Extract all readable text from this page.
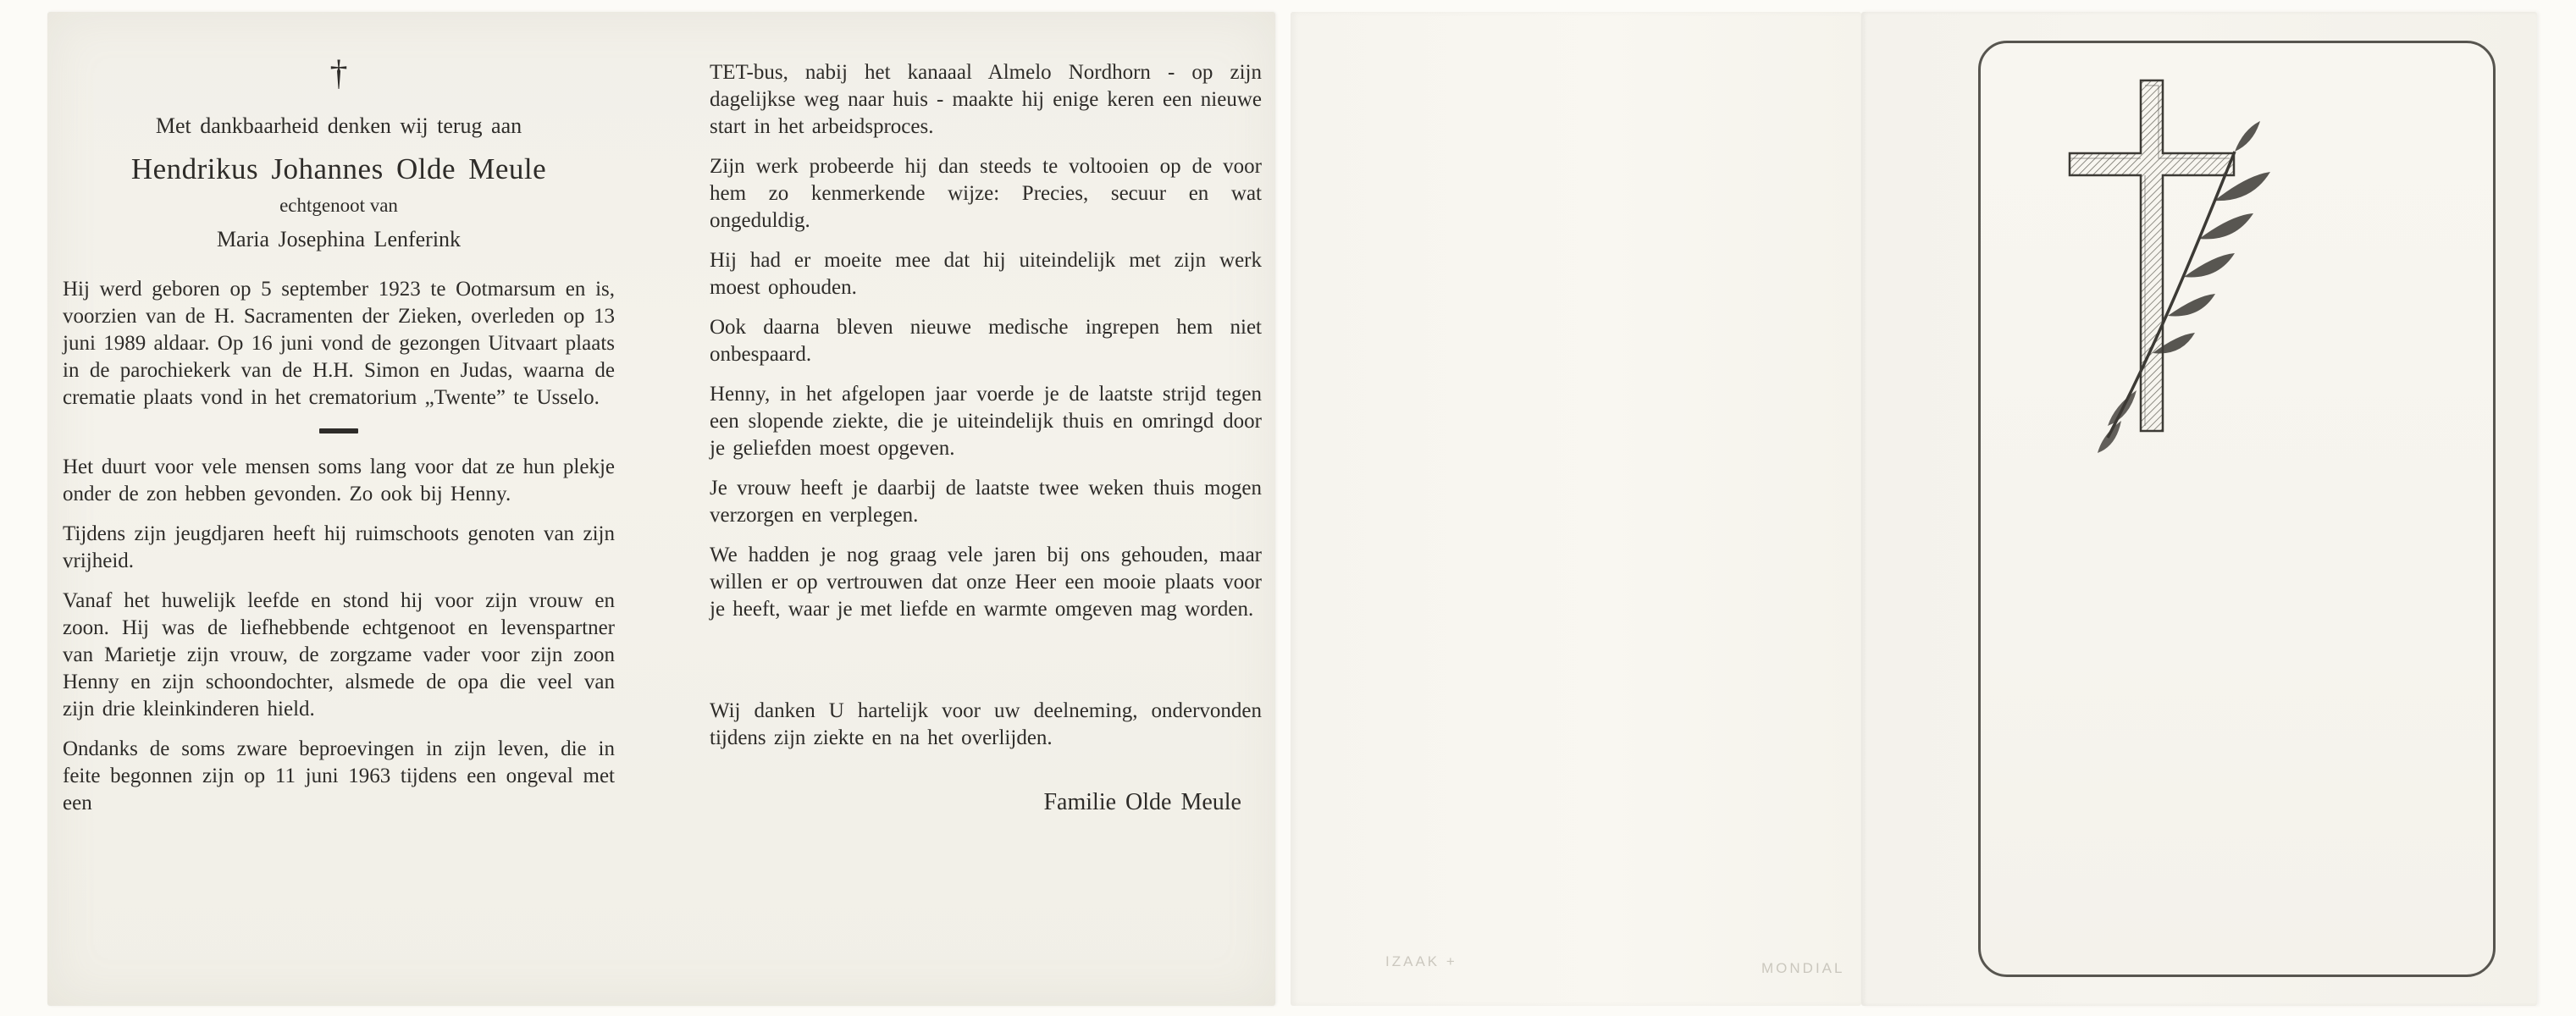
†
Met dankbaarheid denken wij terug aan
Hendrikus Johannes Olde Meule
echtgenoot van
Maria Josephina Lenferink

Hij werd geboren op 5 september 1923 te Ootmarsum en is, voorzien van de H. Sacramenten der Zieken, overleden op 13 juni 1989 aldaar. Op 16 juni vond de gezongen Uitvaart plaats in de parochiekerk van de H.H. Simon en Judas, waarna de crematie plaats vond in het crematorium „Twente” te Usselo.

Het duurt voor vele mensen soms lang voor dat ze hun plekje onder de zon hebben gevonden. Zo ook bij Henny.

Tijdens zijn jeugdjaren heeft hij ruimschoots genoten van zijn vrijheid.

Vanaf het huwelijk leefde en stond hij voor zijn vrouw en zoon. Hij was de liefhebbende echtgenoot en levenspartner van Marietje zijn vrouw, de zorgzame vader voor zijn zoon Henny en zijn schoondochter, alsmede de opa die veel van zijn drie kleinkinderen hield.

Ondanks de soms zware beproevingen in zijn leven, die in feite begonnen zijn op 11 juni 1963 tijdens een ongeval met een

TET-bus, nabij het kanaaal Almelo Nordhorn - op zijn dagelijkse weg naar huis - maakte hij enige keren een nieuwe start in het arbeidsproces.

Zijn werk probeerde hij dan steeds te voltooien op de voor hem zo kenmerkende wijze: Precies, secuur en wat ongeduldig.

Hij had er moeite mee dat hij uiteindelijk met zijn werk moest ophouden.

Ook daarna bleven nieuwe medische ingrepen hem niet onbespaard.

Henny, in het afgelopen jaar voerde je de laatste strijd tegen een slopende ziekte, die je uiteindelijk thuis en omringd door je geliefden moest opgeven.

Je vrouw heeft je daarbij de laatste twee weken thuis mogen verzorgen en verplegen.

We hadden je nog graag vele jaren bij ons gehouden, maar willen er op vertrouwen dat onze Heer een mooie plaats voor je heeft, waar je met liefde en warmte omgeven mag worden.

Wij danken U hartelijk voor uw deelneming, ondervonden tijdens zijn ziekte en na het overlijden.

Familie Olde Meule
IZAAK +	MONDIAL
